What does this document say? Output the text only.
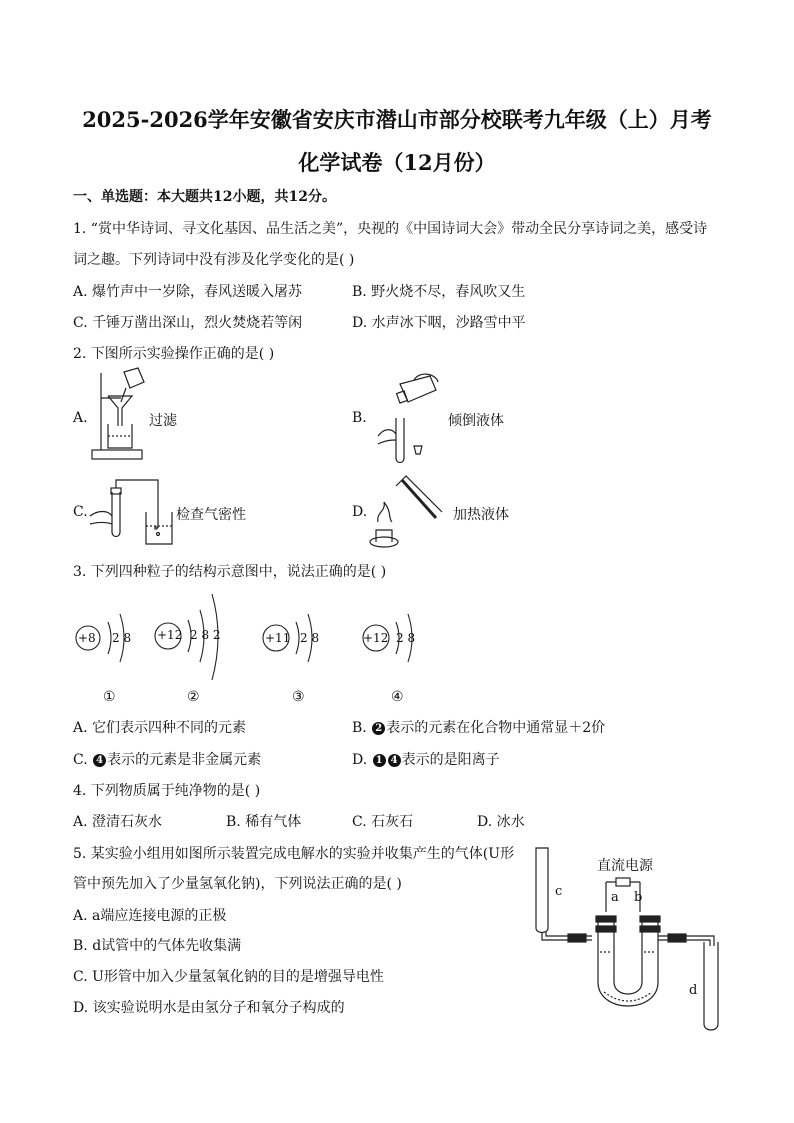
2025-2026学年安徽省安庆市潜山市部分校联考九年级（上）月考
化学试卷（12月份）
一、单选题：本大题共12小题，共12分。
1. “赏中华诗词、寻文化基因、品生活之美”，央视的《中国诗词大会》带动全民分享诗词之美，感受诗
词之趣。下列诗词中没有涉及化学变化的是( )
A. 爆竹声中一岁除，春风送暖入屠苏	B. 野火烧不尽，春风吹又生
C. 千锤万凿出深山，烈火焚烧若等闲	D. 水声冰下咽，沙路雪中平
2. 下图所示实验操作正确的是( )
A.	过滤	B.	倾倒液体
C.	检查气密性	D.	加热液体
3. 下列四种粒子的结构示意图中，说法正确的是( )
+8 2 8
①
+12 2 8 2
②
+11 2 8
③
+12 2 8
④
A. 它们表示四种不同的元素	B. 2 表示的元素在化合物中通常显＋2价
C. 4 表示的元素是非金属元素	D. 1 4 表示的是阳离子
4. 下列物质属于纯净物的是( )
A. 澄清石灰水	B. 稀有气体	C. 石灰石	D. 冰水
5. 某实验小组用如图所示装置完成电解水的实验并收集产生的气体(U形
管中预先加入了少量氢氧化钠)，下列说法正确的是( )
A. a端应连接电源的正极
B. d试管中的气体先收集满
C. U形管中加入少量氢氧化钠的目的是增强导电性
D. 该实验说明水是由氢分子和氧分子构成的
直流电源
a b
c
d
